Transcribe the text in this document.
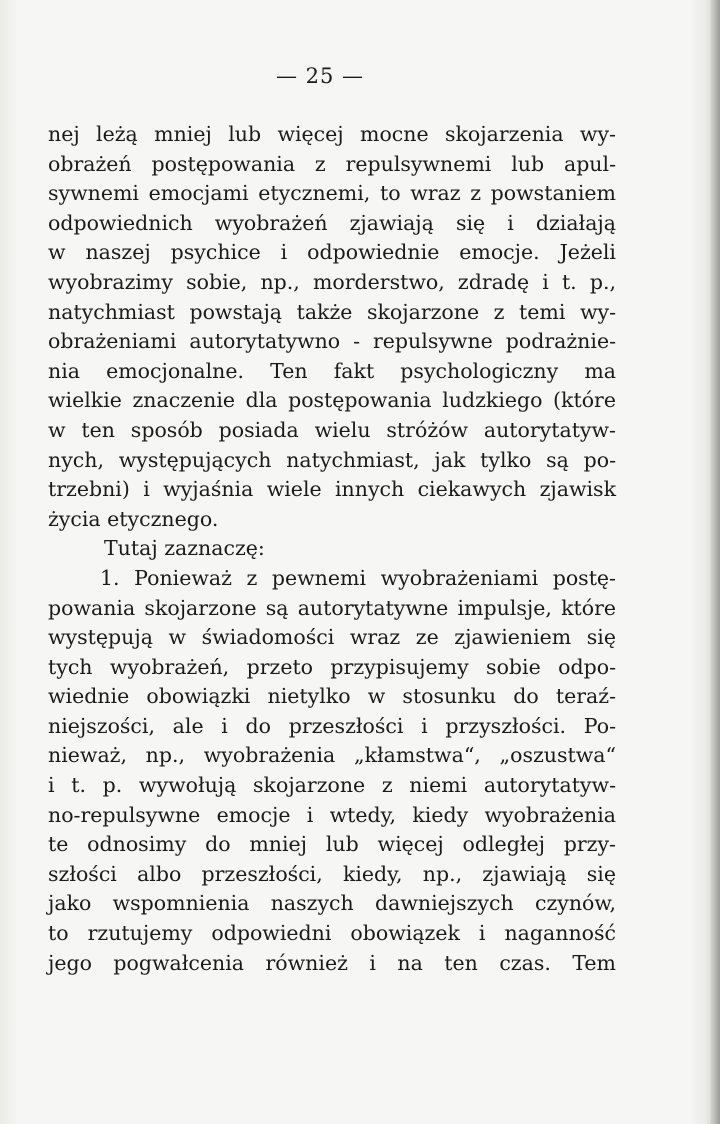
— 25 —
nej leżą mniej lub więcej mocne skojarzenia wy-
obrażeń postępowania z repulsywnemi lub apul-
sywnemi emocjami etycznemi, to wraz z powstaniem
odpowiednich wyobrażeń zjawiają się i działają
w naszej psychice i odpowiednie emocje. Jeżeli
wyobrazimy sobie, np., morderstwo, zdradę i t. p.,
natychmiast powstają także skojarzone z temi wy-
obrażeniami autorytatywno - repulsywne podrażnie-
nia emocjonalne. Ten fakt psychologiczny ma
wielkie znaczenie dla postępowania ludzkiego (które
w ten sposób posiada wielu stróżów autorytatyw-
nych, występujących natychmiast, jak tylko są po-
trzebni) i wyjaśnia wiele innych ciekawych zjawisk
życia etycznego.
Tutaj zaznaczę:
1. Ponieważ z pewnemi wyobrażeniami postę-
powania skojarzone są autorytatywne impulsje, które
występują w świadomości wraz ze zjawieniem się
tych wyobrażeń, przeto przypisujemy sobie odpo-
wiednie obowiązki nietylko w stosunku do teraź-
niejszości, ale i do przeszłości i przyszłości. Po-
nieważ, np., wyobrażenia „kłamstwa“, „oszustwa“
i t. p. wywołują skojarzone z niemi autorytatyw-
no-repulsywne emocje i wtedy, kiedy wyobrażenia
te odnosimy do mniej lub więcej odległej przy-
szłości albo przeszłości, kiedy, np., zjawiają się
jako wspomnienia naszych dawniejszych czynów,
to rzutujemy odpowiedni obowiązek i naganność
jego pogwałcenia również i na ten czas. Tem
